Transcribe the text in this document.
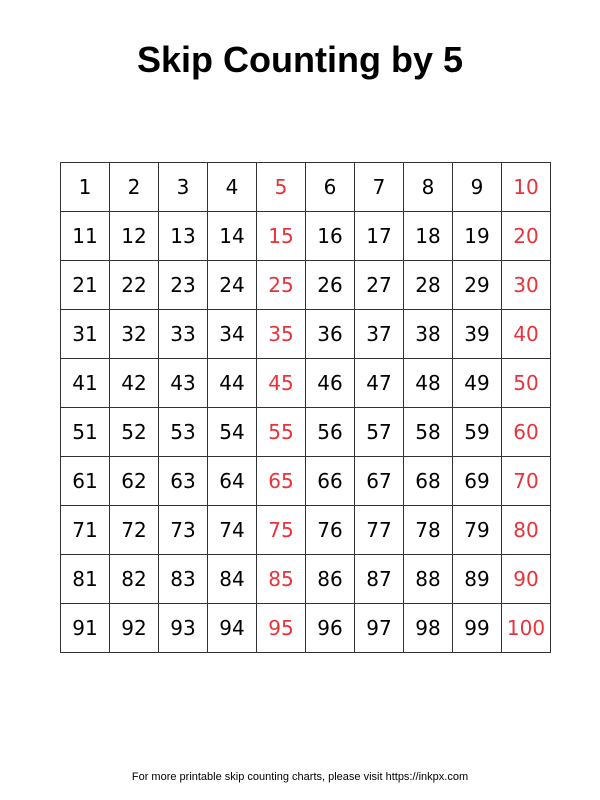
Skip Counting by 5
1	2	3	4	5	6	7	8	9	10
11	12	13	14	15	16	17	18	19	20
21	22	23	24	25	26	27	28	29	30
31	32	33	34	35	36	37	38	39	40
41	42	43	44	45	46	47	48	49	50
51	52	53	54	55	56	57	58	59	60
61	62	63	64	65	66	67	68	69	70
71	72	73	74	75	76	77	78	79	80
81	82	83	84	85	86	87	88	89	90
91	92	93	94	95	96	97	98	99	100
For more printable skip counting charts, please visit https://inkpx.com
